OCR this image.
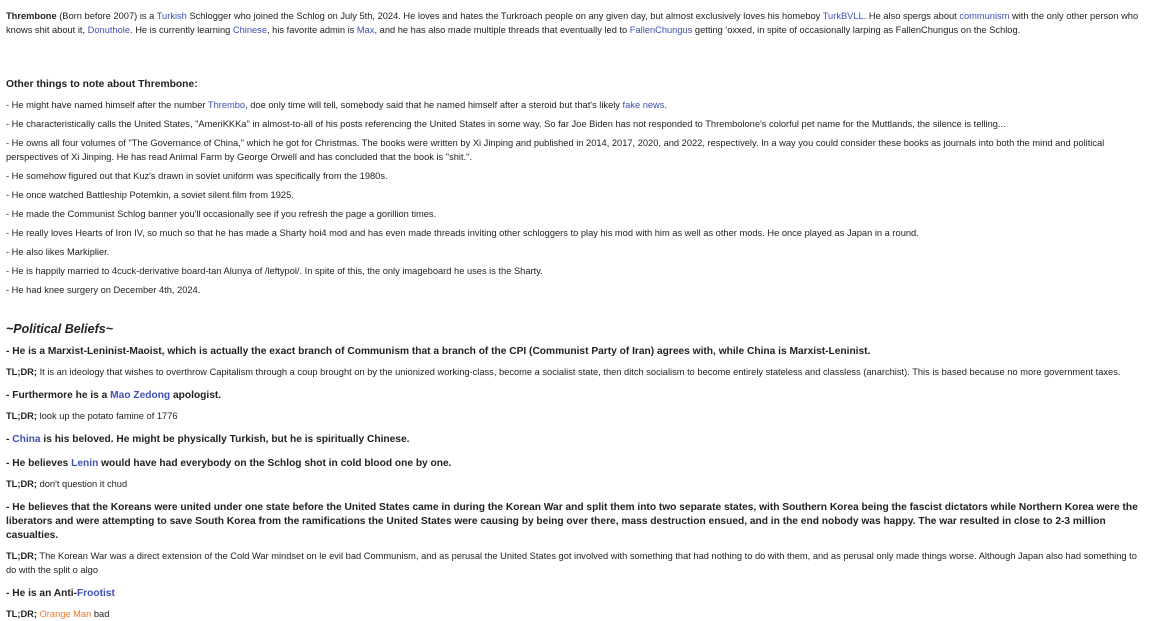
Thrembone (Born before 2007) is a Turkish Schlogger who joined the Schlog on July 5th, 2024. He loves and hates the Turkroach people on any given day, but almost exclusively loves his homeboy TurkBVLL. He also spergs about communism with the only other person who knows shit about it, Donuthole. He is currently learning Chinese, his favorite admin is Max, and he has also made multiple threads that eventually led to FallenChungus getting 'oxxed, in spite of occasionally larping as FallenChungus on the Schlog.

Other things to note about Thrembone:

- He might have named himself after the number Thrembo, doe only time will tell, somebody said that he named himself after a steroid but that's likely fake news.
- He characteristically calls the United States, "AmeriKKKa" in almost-to-all of his posts referencing the United States in some way. So far Joe Biden has not responded to Thrembolone's colorful pet name for the Muttlands, the silence is telling...
- He owns all four volumes of "The Governance of China," which he got for Christmas. The books were written by Xi Jinping and published in 2014, 2017, 2020, and 2022, respectively. In a way you could consider these books as journals into both the mind and political perspectives of Xi Jinping. He has read Animal Farm by George Orwell and has concluded that the book is "shit.".
- He somehow figured out that Kuz's drawn in soviet uniform was specifically from the 1980s.
- He once watched Battleship Potemkin, a soviet silent film from 1925.
- He made the Communist Schlog banner you'll occasionally see if you refresh the page a gorillion times.
- He really loves Hearts of Iron IV, so much so that he has made a Sharty hoi4 mod and has even made threads inviting other schloggers to play his mod with him as well as other mods. He once played as Japan in a round.
- He also likes Markiplier.
- He is happily married to 4cuck-derivative board-tan Alunya of /leftypol/. In spite of this, the only imageboard he uses is the Sharty.
- He had knee surgery on December 4th, 2024.

~Political Beliefs~

- He is a Marxist-Leninist-Maoist, which is actually the exact branch of Communism that a branch of the CPI (Communist Party of Iran) agrees with, while China is Marxist-Leninist.

TL;DR; It is an ideology that wishes to overthrow Capitalism through a coup brought on by the unionized working-class, become a socialist state, then ditch socialism to become entirely stateless and classless (anarchist). This is based because no more government taxes.

- Furthermore he is a Mao Zedong apologist.

TL;DR; look up the potato famine of 1776

- China is his beloved. He might be physically Turkish, but he is spiritually Chinese.

- He believes Lenin would have had everybody on the Schlog shot in cold blood one by one.

TL;DR; don't question it chud

- He believes that the Koreans were united under one state before the United States came in during the Korean War and split them into two separate states, with Southern Korea being the fascist dictators while Northern Korea were the liberators and were attempting to save South Korea from the ramifications the United States were causing by being over there, mass destruction ensued, and in the end nobody was happy. The war resulted in close to 2-3 million casualties.

TL;DR; The Korean War was a direct extension of the Cold War mindset on le evil bad Communism, and as perusal the United States got involved with something that had nothing to do with them, and as perusal only made things worse. Although Japan also had something to do with the split o algo

- He is an Anti-Frootist

TL;DR; Orange Man bad
